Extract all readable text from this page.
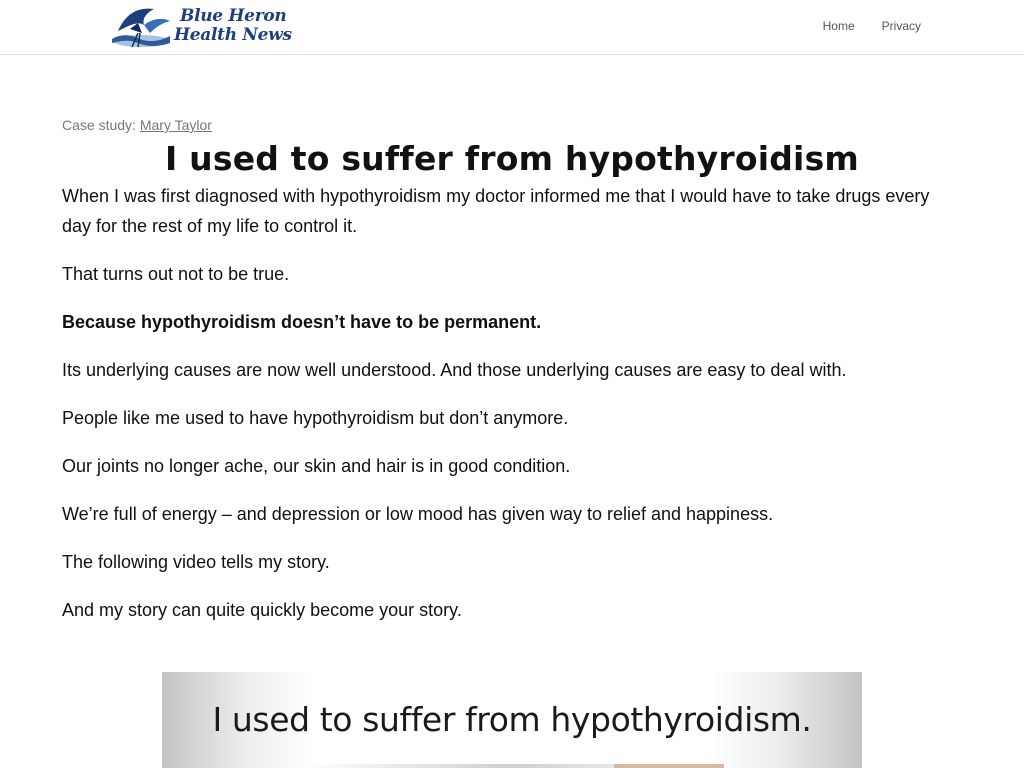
Blue Heron
Health News	Home Privacy

Case study: Mary Taylor

I used to suffer from hypothyroidism

When I was first diagnosed with hypothyroidism my doctor informed me that I would have to take drugs every day for the rest of my life to control it.

That turns out not to be true.

Because hypothyroidism doesn’t have to be permanent.

Its underlying causes are now well understood. And those underlying causes are easy to deal with.

People like me used to have hypothyroidism but don’t anymore.

Our joints no longer ache, our skin and hair is in good condition.

We’re full of energy – and depression or low mood has given way to relief and happiness.

The following video tells my story.

And my story can quite quickly become your story.

I used to suffer from hypothyroidism.
